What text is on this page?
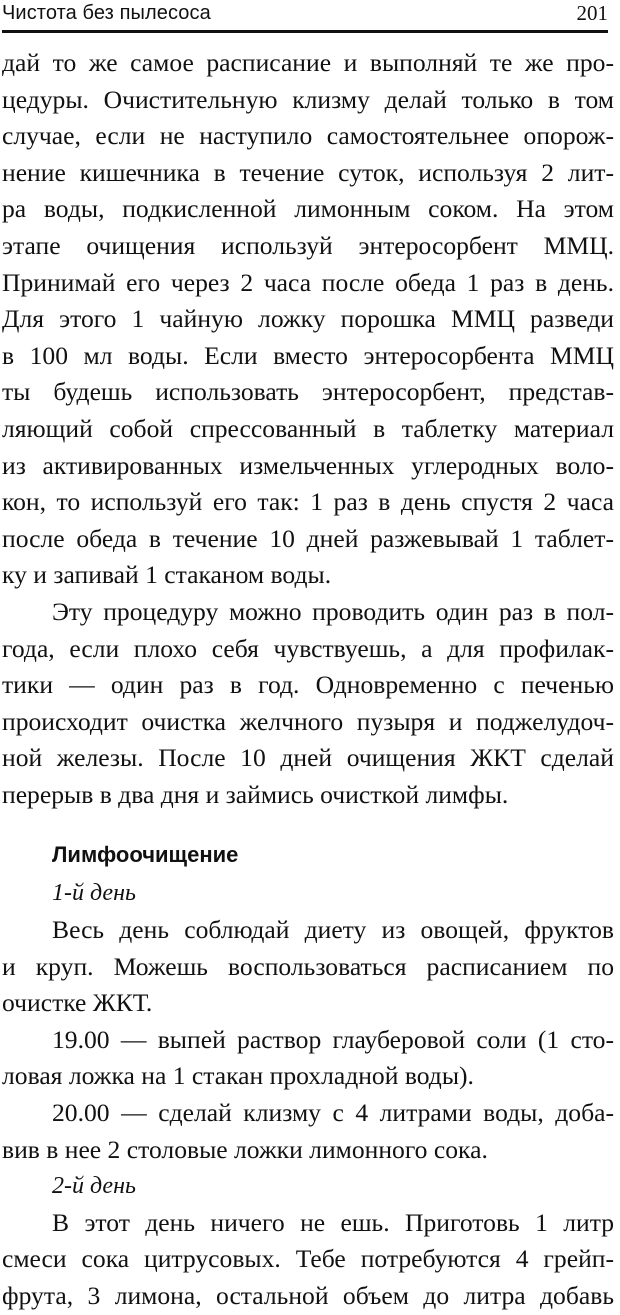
Чистота без пылесоса	201
дай то же самое расписание и выполняй те же про-
цедуры. Очистительную клизму делай только в том
случае, если не наступило самостоятельнее опорож-
нение кишечника в течение суток, используя 2 лит-
ра воды, подкисленной лимонным соком. На этом
этапе очищения используй энтеросорбент ММЦ.
Принимай его через 2 часа после обеда 1 раз в день.
Для этого 1 чайную ложку порошка ММЦ разведи
в 100 мл воды. Если вместо энтеросорбента ММЦ
ты будешь использовать энтеросорбент, представ-
ляющий собой спрессованный в таблетку материал
из активированных измельченных углеродных воло-
кон, то используй его так: 1 раз в день спустя 2 часа
после обеда в течение 10 дней разжевывай 1 таблет-
ку и запивай 1 стаканом воды.
Эту процедуру можно проводить один раз в пол-
года, если плохо себя чувствуешь, а для профилак-
тики — один раз в год. Одновременно с печенью
происходит очистка желчного пузыря и поджелудоч-
ной железы. После 10 дней очищения ЖКТ сделай
перерыв в два дня и займись очисткой лимфы.
Лимфоочищение
1-й день
Весь день соблюдай диету из овощей, фруктов
и круп. Можешь воспользоваться расписанием по
очистке ЖКТ.
19.00 — выпей раствор глауберовой соли (1 сто-
ловая ложка на 1 стакан прохладной воды).
20.00 — сделай клизму с 4 литрами воды, доба-
вив в нее 2 столовые ложки лимонного сока.
2-й день
В этот день ничего не ешь. Приготовь 1 литр
смеси сока цитрусовых. Тебе потребуются 4 грейп-
фрута, 3 лимона, остальной объем до литра добавь
